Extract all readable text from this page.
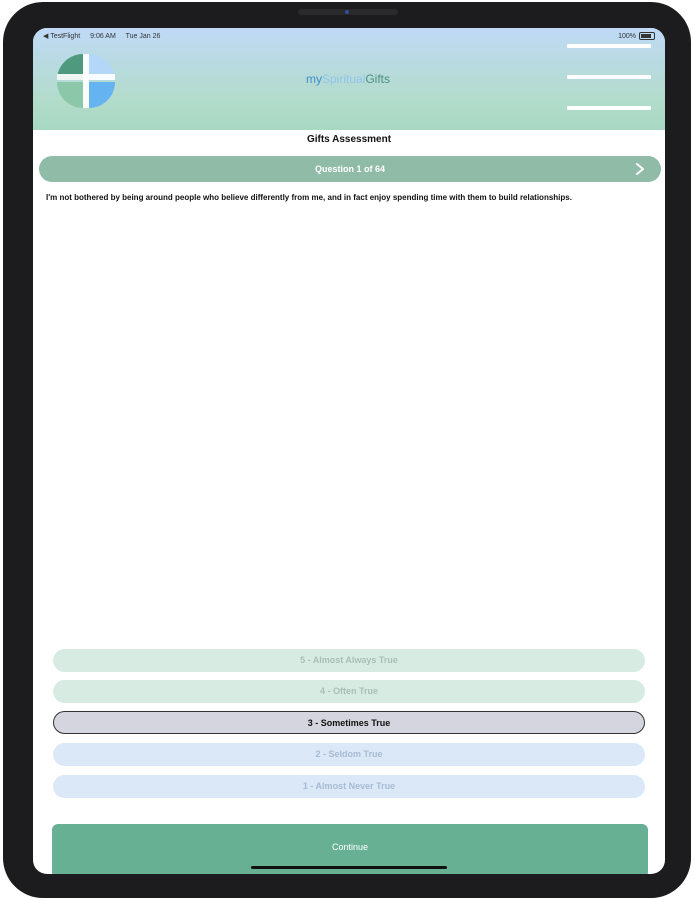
◀ TestFlight 9:06 AM Tue Jan 26	100%
mySpiritualGifts
Gifts Assessment
Question 1 of 64
I'm not bothered by being around people who believe differently from me, and in fact enjoy spending time with them to build relationships.
5 - Almost Always True
4 - Often True
3 - Sometimes True
2 - Seldom True
1 - Almost Never True
Continue
